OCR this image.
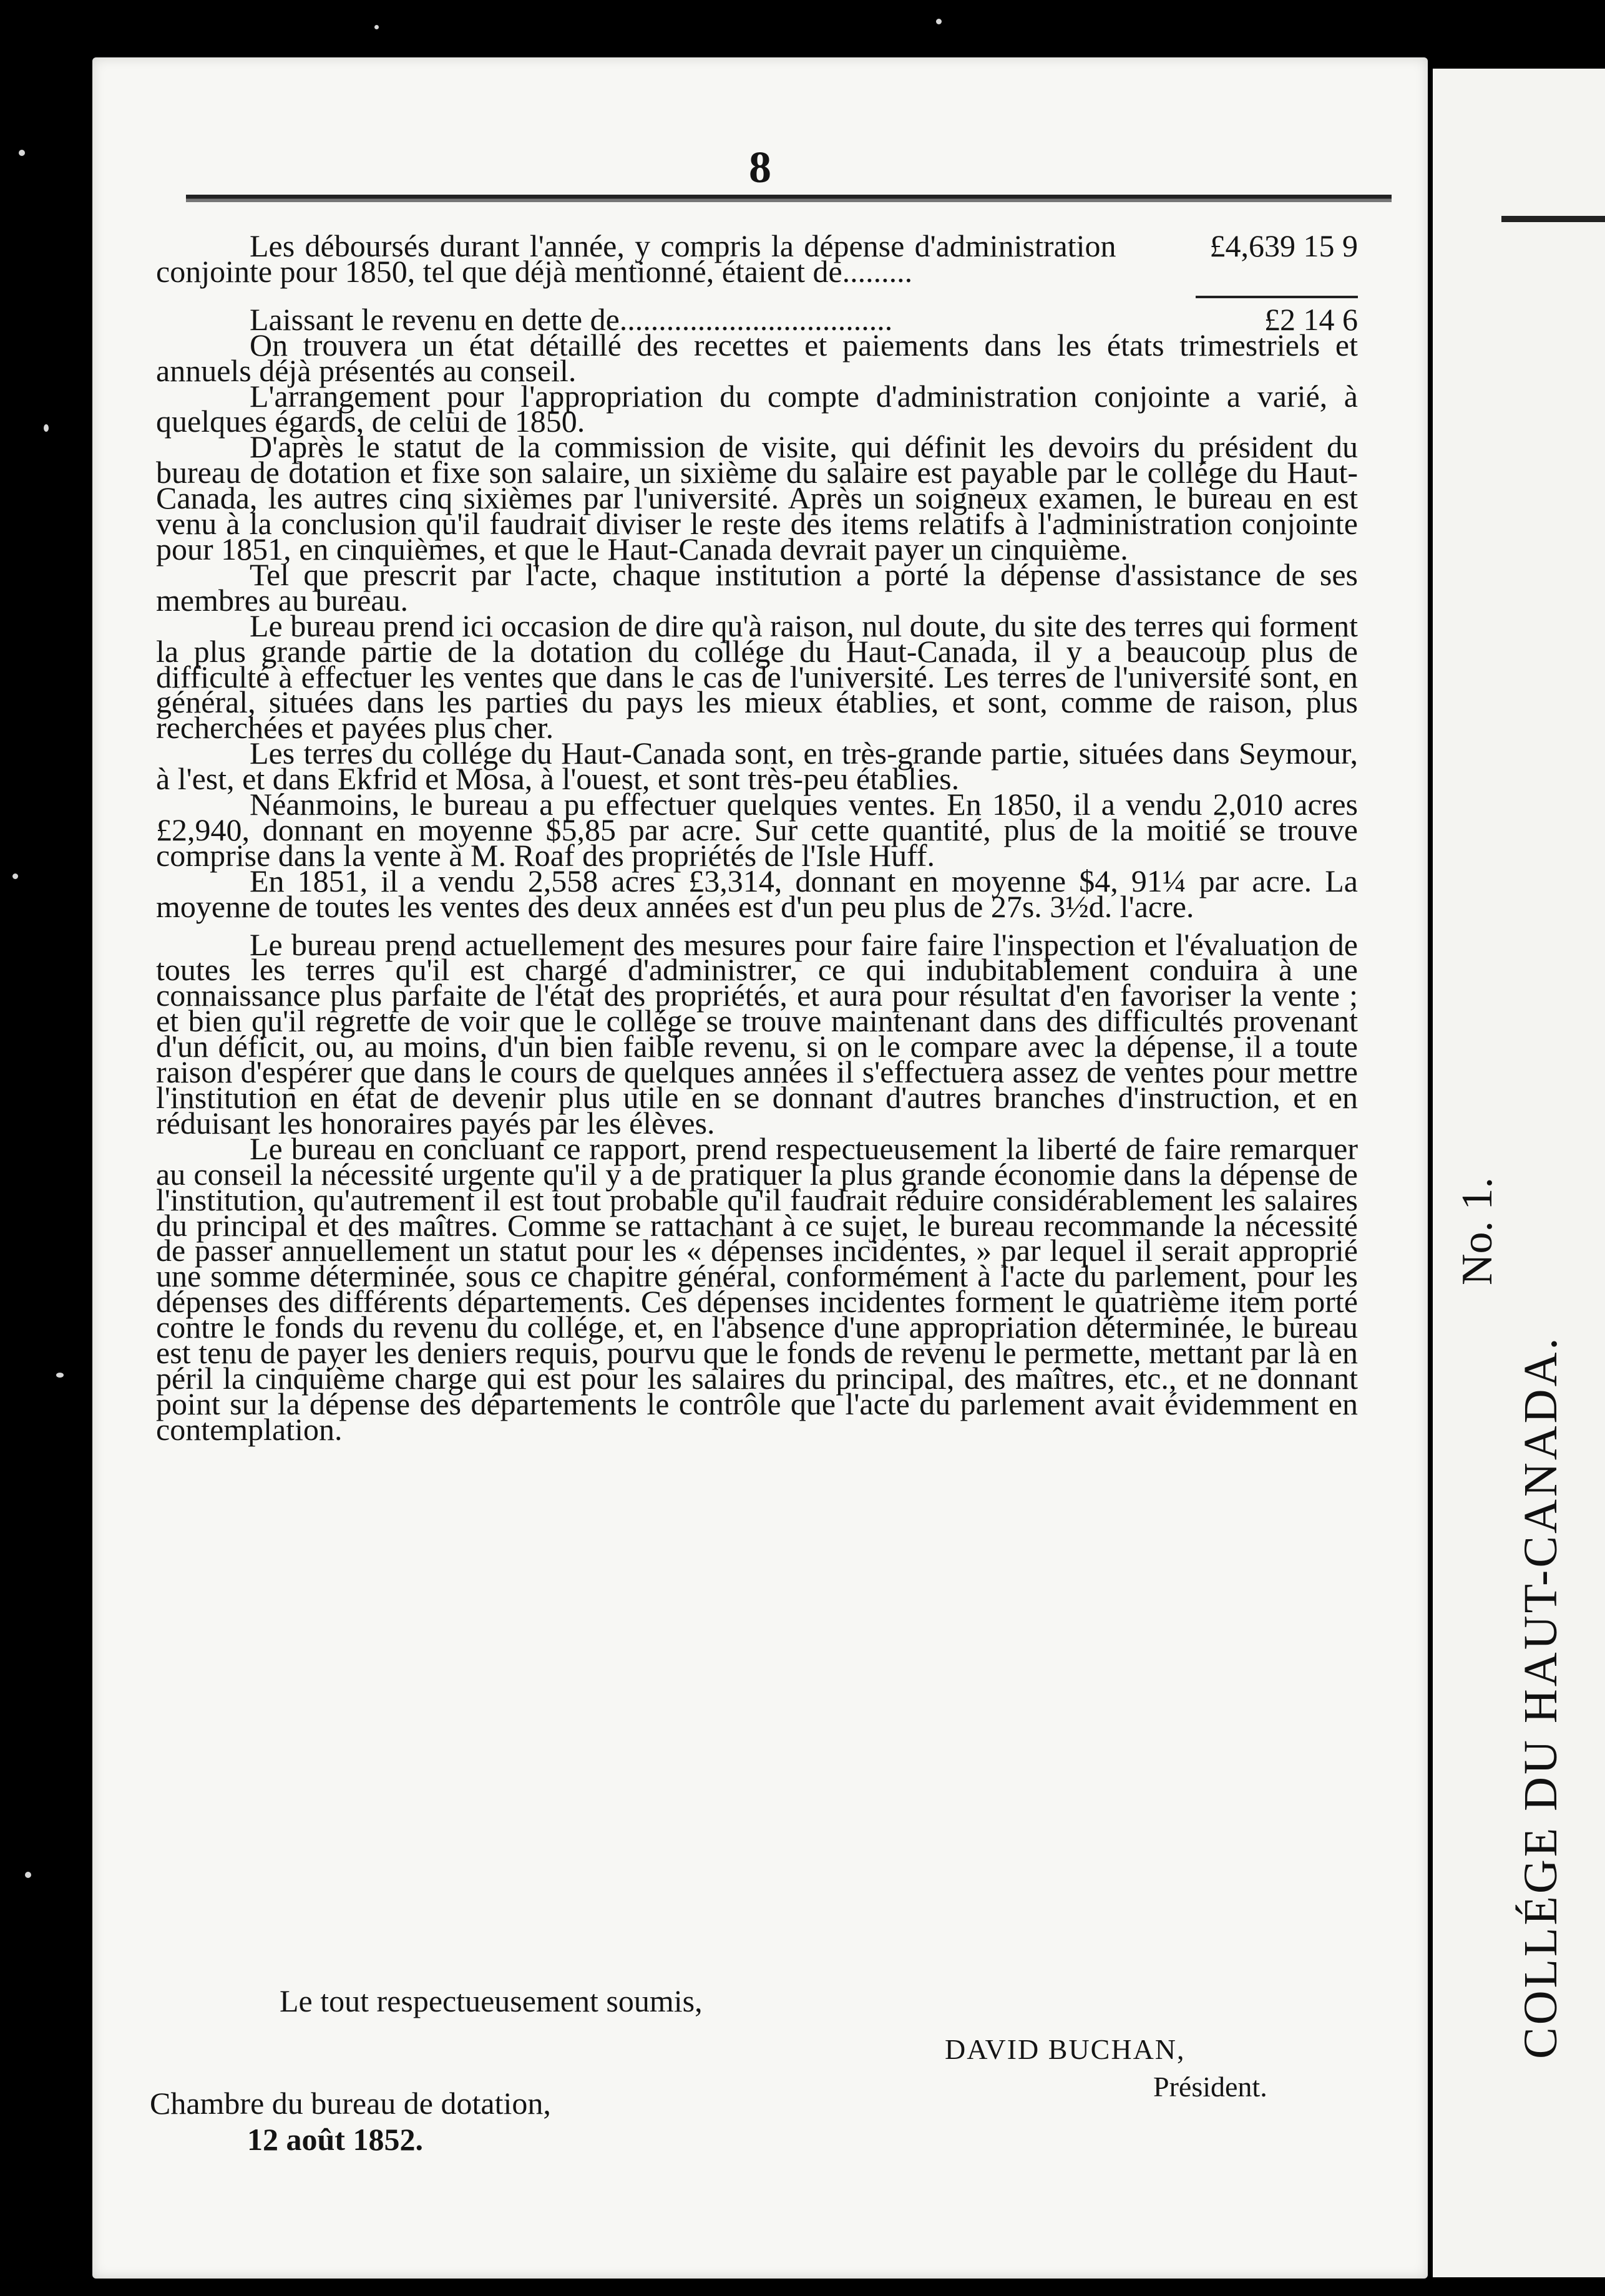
8

£4,639 15 9
Les déboursés durant l'année, y compris la dépense d'administration conjointe pour 1850, tel que déjà mentionné, étaient de.........

Laissant le revenu en dette de...................................	£2 14 6

On trouvera un état détaillé des recettes et paiements dans les états trimestriels et annuels déjà présentés au conseil.

L'arrangement pour l'appropriation du compte d'administration conjointe a varié, à quelques égards, de celui de 1850.

D'après le statut de la commission de visite, qui définit les devoirs du président du bureau de dotation et fixe son salaire, un sixième du salaire est payable par le collége du Haut-Canada, les autres cinq sixièmes par l'université. Après un soigneux examen, le bureau en est venu à la conclusion qu'il faudrait diviser le reste des items relatifs à l'administration conjointe pour 1851, en cinquièmes, et que le Haut-Canada devrait payer un cinquième.

Tel que prescrit par l'acte, chaque institution a porté la dépense d'assistance de ses membres au bureau.

Le bureau prend ici occasion de dire qu'à raison, nul doute, du site des terres qui forment la plus grande partie de la dotation du collége du Haut-Canada, il y a beaucoup plus de difficulté à effectuer les ventes que dans le cas de l'université. Les terres de l'université sont, en général, situées dans les parties du pays les mieux établies, et sont, comme de raison, plus recherchées et payées plus cher.

Les terres du collége du Haut-Canada sont, en très-grande partie, situées dans Seymour, à l'est, et dans Ekfrid et Mosa, à l'ouest, et sont très-peu établies.

Néanmoins, le bureau a pu effectuer quelques ventes. En 1850, il a vendu 2,010 acres £2,940, donnant en moyenne $5,85 par acre. Sur cette quantité, plus de la moitié se trouve comprise dans la vente à M. Roaf des propriétés de l'Isle Huff.

En 1851, il a vendu 2,558 acres £3,314, donnant en moyenne $4, 91¼ par acre. La moyenne de toutes les ventes des deux années est d'un peu plus de 27s. 3½d. l'acre.

Le bureau prend actuellement des mesures pour faire faire l'inspection et l'évaluation de toutes les terres qu'il est chargé d'administrer, ce qui indubitablement conduira à une connaissance plus parfaite de l'état des propriétés, et aura pour résultat d'en favoriser la vente ; et bien qu'il regrette de voir que le collége se trouve maintenant dans des difficultés provenant d'un déficit, ou, au moins, d'un bien faible revenu, si on le compare avec la dépense, il a toute raison d'espérer que dans le cours de quelques années il s'effectuera assez de ventes pour mettre l'institution en état de devenir plus utile en se donnant d'autres branches d'instruction, et en réduisant les honoraires payés par les élèves.

Le bureau en concluant ce rapport, prend respectueusement la liberté de faire remarquer au conseil la nécessité urgente qu'il y a de pratiquer la plus grande économie dans la dépense de l'institution, qu'autrement il est tout probable qu'il faudrait réduire considérablement les salaires du principal et des maîtres. Comme se rattachant à ce sujet, le bureau recommande la nécessité de passer annuellement un statut pour les « dépenses incidentes, » par lequel il serait approprié une somme déterminée, sous ce chapitre général, conformément à l'acte du parlement, pour les dépenses des différents départements. Ces dépenses incidentes forment le quatrième item porté contre le fonds du revenu du collége, et, en l'absence d'une appropriation déterminée, le bureau est tenu de payer les deniers requis, pourvu que le fonds de revenu le permette, mettant par là en péril la cinquième charge qui est pour les salaires du principal, des maîtres, etc., et ne donnant point sur la dépense des départements le contrôle que l'acte du parlement avait évidemment en contemplation.

Le tout respectueusement soumis,
DAVID BUCHAN,
Président.
Chambre du bureau de dotation,
12 août 1852.
COLLÉGE DU HAUT-CANADA.
No. 1.
